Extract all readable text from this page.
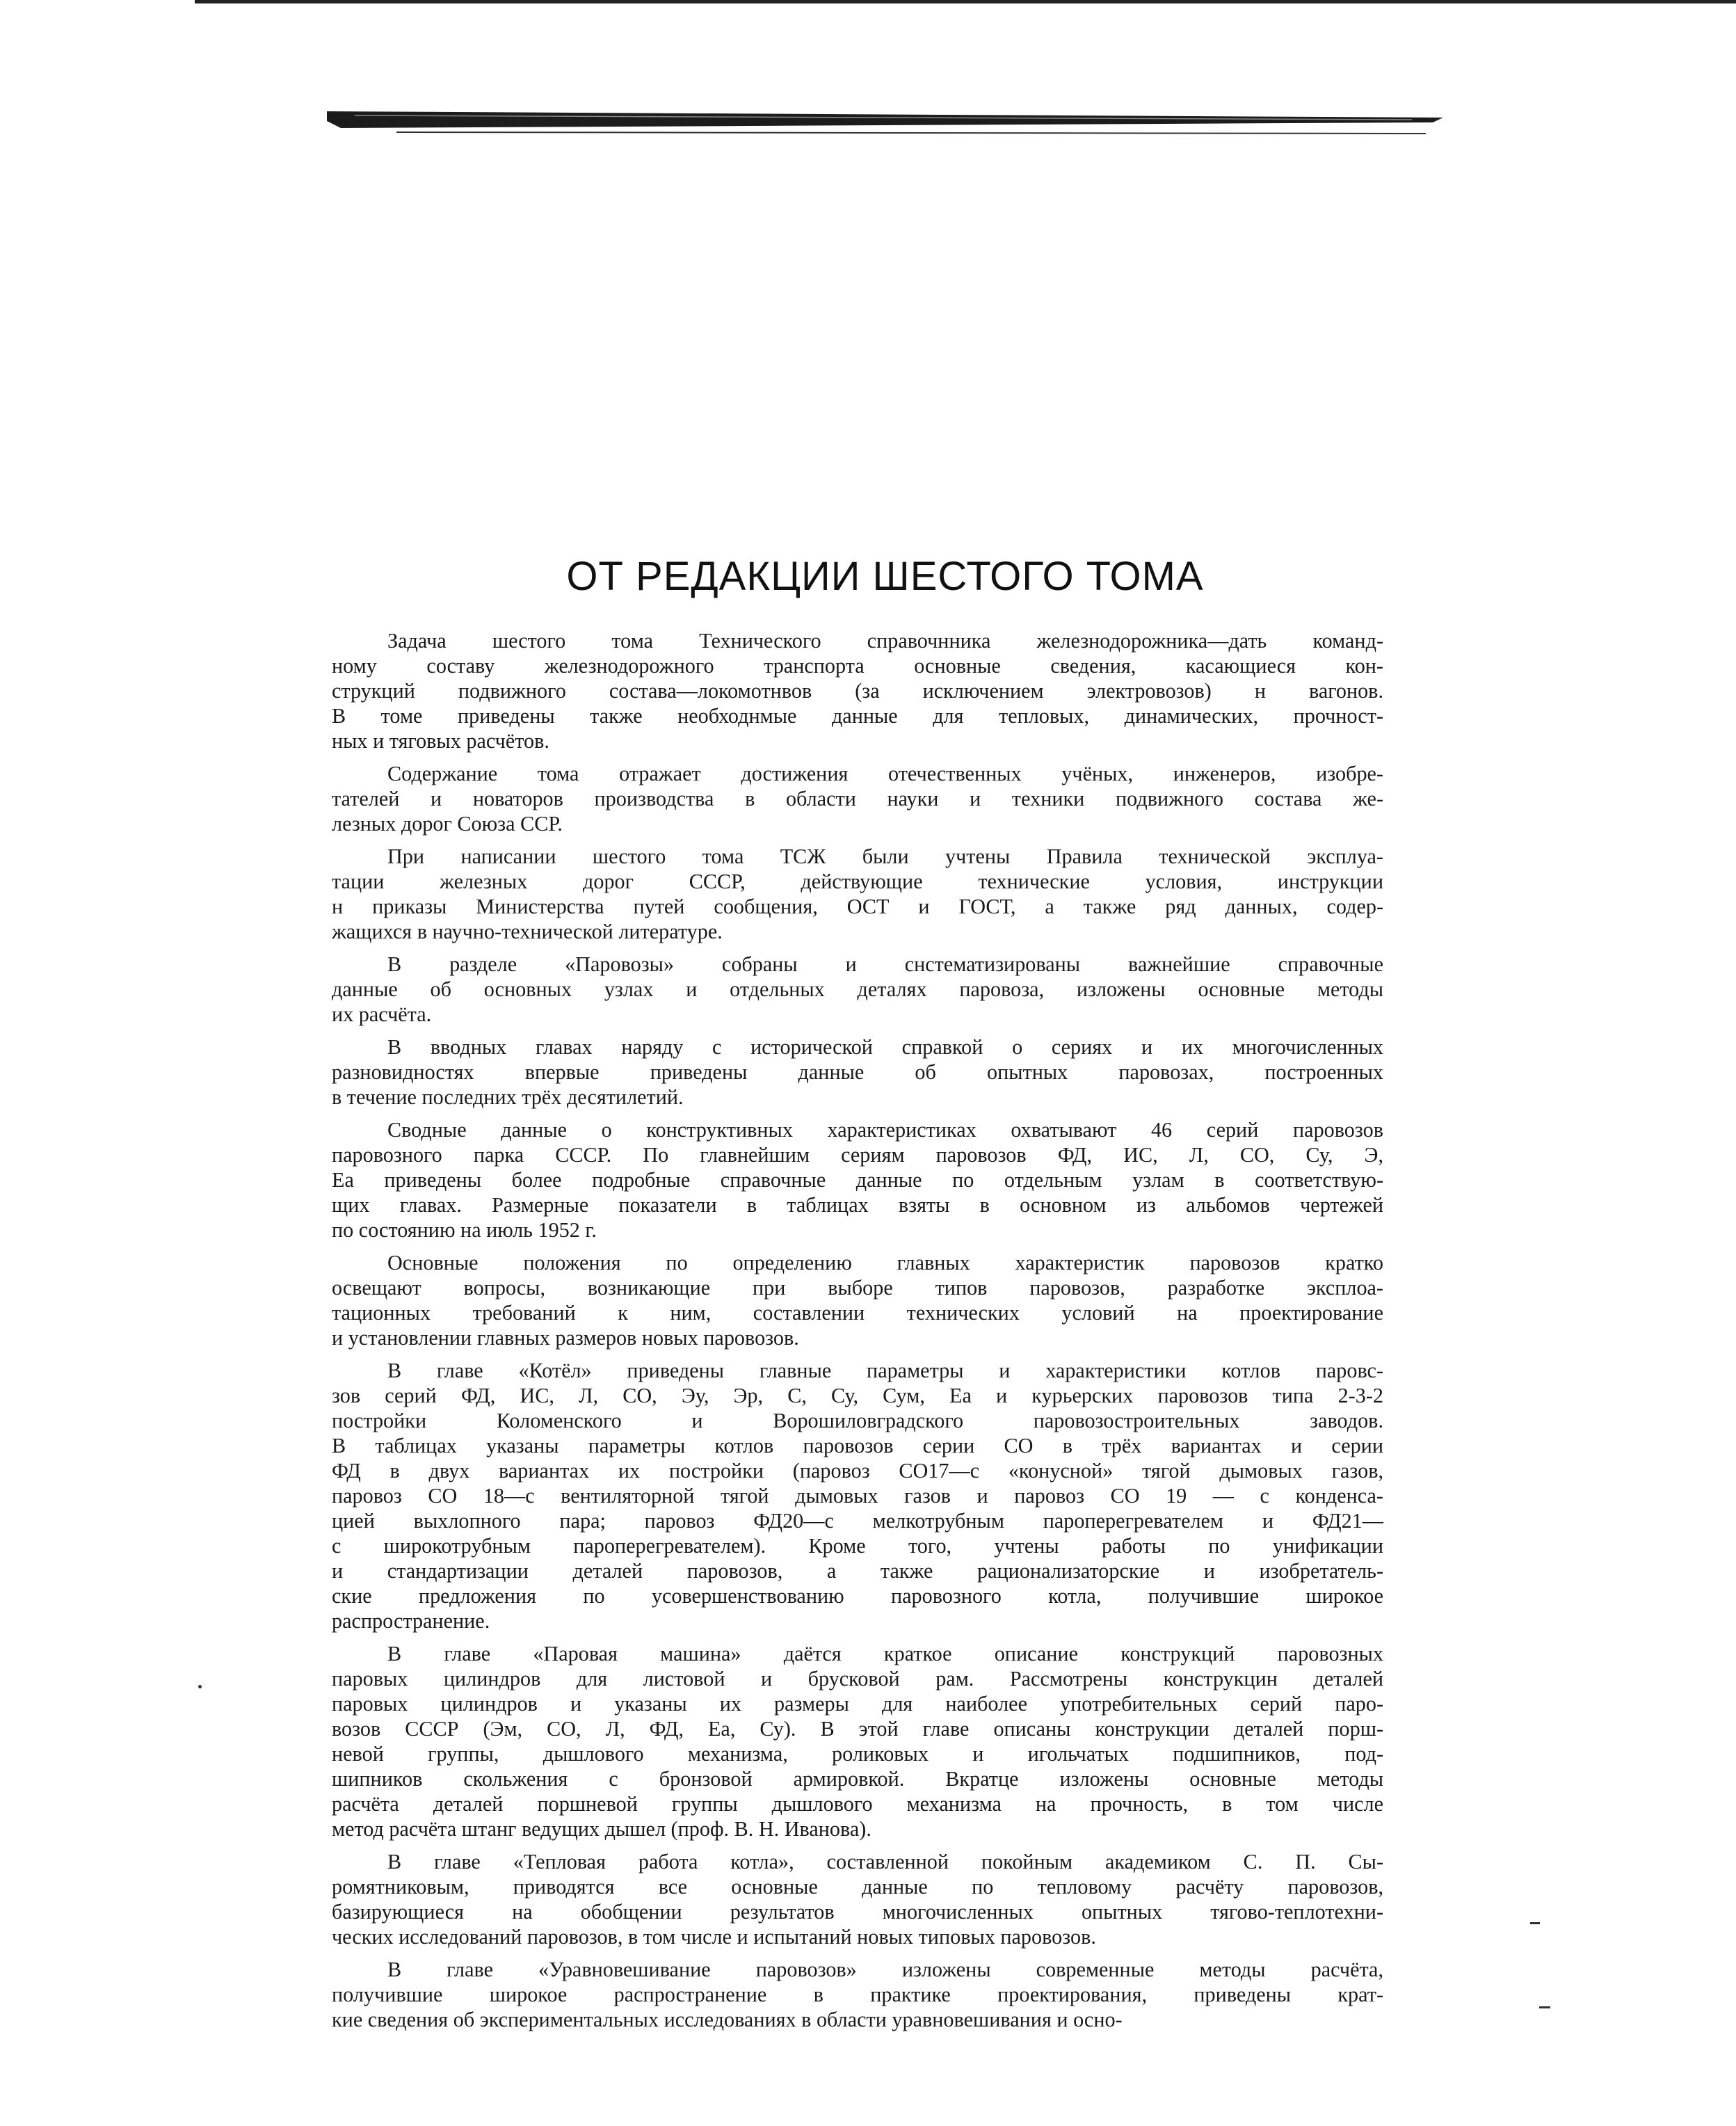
ОТ РЕДАКЦИИ ШЕСТОГО ТОМА

Задача шестого тома Технического справочнника железнодорожника—дать команд-
ному составу железнодорожного транспорта основные сведения, касающиеся кон-
струкций подвижного состава—локомотнвов (за исключением электровозов) н вагонов.
В томе приведены также необходнмые данные для тепловых, динамических, прочност-
ных и тяговых расчётов.

Содержание тома отражает достижения отечественных учёных, инженеров, изобре-
тателей и новаторов производства в области науки и техники подвижного состава же-
лезных дорог Союза ССР.

При написании шестого тома ТСЖ были учтены Правила технической эксплуа-
тации железных дорог СССР, действующие технические условия, инструкции
н приказы Министерства путей сообщения, ОСТ и ГОСТ, а также ряд данных, содер-
жащихся в научно-технической литературе.

В разделе «Паровозы» собраны и снстематизированы важнейшие справочные
данные об основных узлах и отдельных деталях паровоза, изложены основные методы
их расчёта.

В вводных главах наряду с исторической справкой о сериях и их многочисленных
разновидностях впервые приведены данные об опытных паровозах, построенных
в течение последних трёх десятилетий.

Сводные данные о конструктивных характеристиках охватывают 46 серий паровозов
паровозного парка СССР. По главнейшим сериям паровозов ФД, ИС, Л, СО, Су, Э,
Еа приведены более подробные справочные данные по отдельным узлам в соответствую-
щих главах. Размерные показатели в таблицах взяты в основном из альбомов чертежей
по состоянию на июль 1952 г.

Основные положения по определению главных характеристик паровозов кратко
освещают вопросы, возникающие при выборе типов паровозов, разработке эксплоа-
тационных требований к ним, составлении технических условий на проектирование
и установлении главных размеров новых паровозов.

В главе «Котёл» приведены главные параметры и характеристики котлов паровс-
зов серий ФД, ИС, Л, СО, Эу, Эр, С, Су, Сум, Еа и курьерских паровозов типа 2-3-2
постройки Коломенского и Ворошиловградского паровозостроительных заводов.
В таблицах указаны параметры котлов паровозов серии СО в трёх вариантах и серии
ФД в двух вариантах их постройки (паровоз СО17—с «конусной» тягой дымовых газов,
паровоз СО 18—с вентиляторной тягой дымовых газов и паровоз СО 19 — с конденса-
цией выхлопного пара; паровоз ФД20—с мелкотрубным пароперегревателем и ФД21—
с широкотрубным пароперегревателем). Кроме того, учтены работы по унификации
и стандартизации деталей паровозов, а также рационализаторские и изобретатель-
ские предложения по усовершенствованию паровозного котла, получившие широкое
распространение.

В главе «Паровая машина» даётся краткое описание конструкций паровозных
паровых цилиндров для листовой и брусковой рам. Рассмотрены конструкцин деталей
паровых цилиндров и указаны их размеры для наиболее употребительных серий паро-
возов СССР (Эм, СО, Л, ФД, Еа, Су). В этой главе описаны конструкции деталей порш-
невой группы, дышлового механизма, роликовых и игольчатых подшипников, под-
шипников скольжения с бронзовой армировкой. Вкратце изложены основные методы
расчёта деталей поршневой группы дышлового механизма на прочность, в том числе
метод расчёта штанг ведущих дышел (проф. В. Н. Иванова).

В главе «Тепловая работа котла», составленной покойным академиком С. П. Сы-
ромятниковым, приводятся все основные данные по тепловому расчёту паровозов,
базирующиеся на обобщении результатов многочисленных опытных тягово-теплотехни-
ческих исследований паровозов, в том числе и испытаний новых типовых паровозов.

В главе «Уравновешивание паровозов» изложены современные методы расчёта,
получившие широкое распространение в практике проектирования, приведены крат-
кие сведения об экспериментальных исследованиях в области уравновешивания и осно-
